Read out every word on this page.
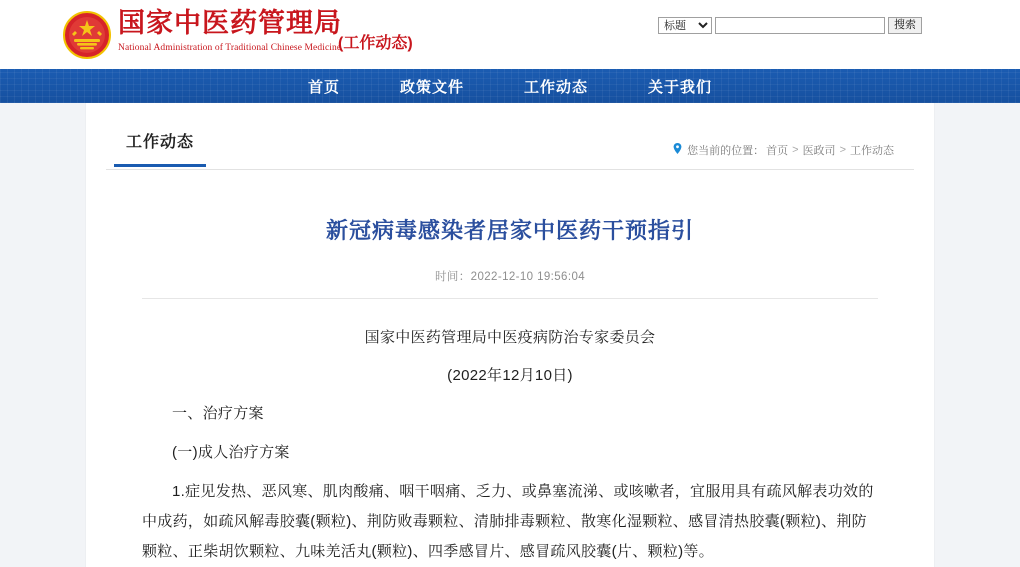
国家中医药管理局
National Administration of Traditional Chinese Medicine
(工作动态)
标题
搜索
首页	政策文件	工作动态	关于我们
工作动态	您当前的位置： 首页 > 医政司 > 工作动态
新冠病毒感染者居家中医药干预指引
时间：2022-12-10 19:56:04

国家中医药管理局中医疫病防治专家委员会

(2022年12月10日)

一、治疗方案

(一)成人治疗方案

1.症见发热、恶风寒、肌肉酸痛、咽干咽痛、乏力、或鼻塞流涕、或咳嗽者，宜服用具有疏风解表功效的中成药，如疏风解毒胶囊(颗粒)、荆防败毒颗粒、清肺排毒颗粒、散寒化湿颗粒、感冒清热胶囊(颗粒)、荆防颗粒、正柴胡饮颗粒、九味羌活丸(颗粒)、四季感冒片、感冒疏风胶囊(片、颗粒)等。
